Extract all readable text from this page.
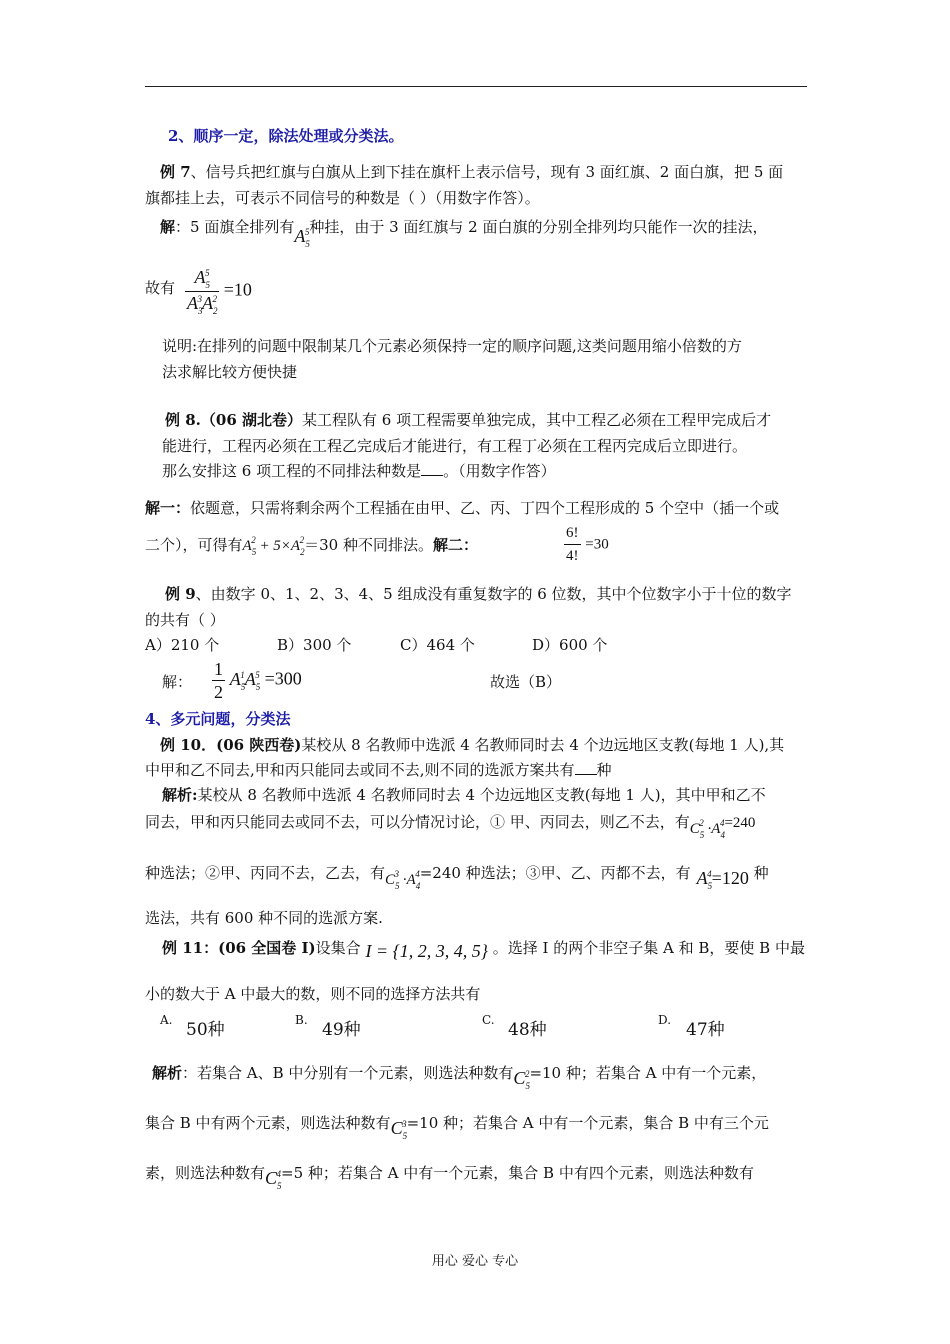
2、顺序一定，除法处理或分类法。
例 7、信号兵把红旗与白旗从上到下挂在旗杆上表示信号，现有 3 面红旗、2 面白旗，把 5 面
旗都挂上去，可表示不同信号的种数是（ ）（用数字作答）。
解：5 面旗全排列有$A_5^5$种挂，由于 3 面红旗与 2 面白旗的分别全排列均只能作一次的挂法，
故有 $\frac{A_5^5}{A_3^3A_2^2} =10$
说明:在排列的问题中限制某几个元素必须保持一定的顺序问题,这类问题用缩小倍数的方
法求解比较方便快捷
例 8.（06 湖北卷）某工程队有 6 项工程需要单独完成，其中工程乙必须在工程甲完成后才
能进行，工程丙必须在工程乙完成后才能进行，有工程丁必须在工程丙完成后立即进行。
那么安排这 6 项工程的不同排法种数是 。（用数字作答）
解一：依题意，只需将剩余两个工程插在由甲、乙、丙、丁四个工程形成的 5 个空中（插一个或
二个），可得有$A_5^2 + 5\times A_2^2=30$ 种不同排法。解二：	$\frac{6!}{4!} =30$
例 9、由数字 0、1、2、3、4、5 组成没有重复数字的 6 位数，其中个位数字小于十位的数字
的共有（ ）
A）210 个	B）300 个	C）464 个	D）600 个
解： $\frac{1}{2} A_5^1A_5^5 =300$	故选（B）
4、多元问题，分类法
例 10．(06 陕西卷)某校从 8 名教师中选派 4 名教师同时去 4 个边远地区支教(每地 1 人),其
中甲和乙不同去,甲和丙只能同去或同不去,则不同的选派方案共有 种
解析:某校从 8 名教师中选派 4 名教师同时去 4 个边远地区支教(每地 1 人)，其中甲和乙不
同去，甲和丙只能同去或同不去，可以分情况讨论，① 甲、丙同去，则乙不去，有$C_5^2 \cdot A_4^4=240$
种选法；②甲、丙同不去，乙去，有$C_5^3 \cdot A_4^4=240$ 种选法；③甲、乙、丙都不去，有 $A_5^4=120$ 种
选法，共有 600 种不同的选派方案.
例 11：(06 全国卷 I)设集合 I = {1, 2, 3, 4, 5} 。选择 I 的两个非空子集 A 和 B，要使 B 中最
小的数大于 A 中最大的数，则不同的选择方法共有
A. 50种	B. 49种	C. 48种	D. 47种
解析：若集合 A、B 中分别有一个元素，则选法种数有$C_5^2=10$ 种；若集合 A 中有一个元素，
集合 B 中有两个元素，则选法种数有$C_5^3=10$ 种；若集合 A 中有一个元素，集合 B 中有三个元
素，则选法种数有$C_5^4=5$ 种；若集合 A 中有一个元素，集合 B 中有四个元素，则选法种数有
用心 爱心 专心
